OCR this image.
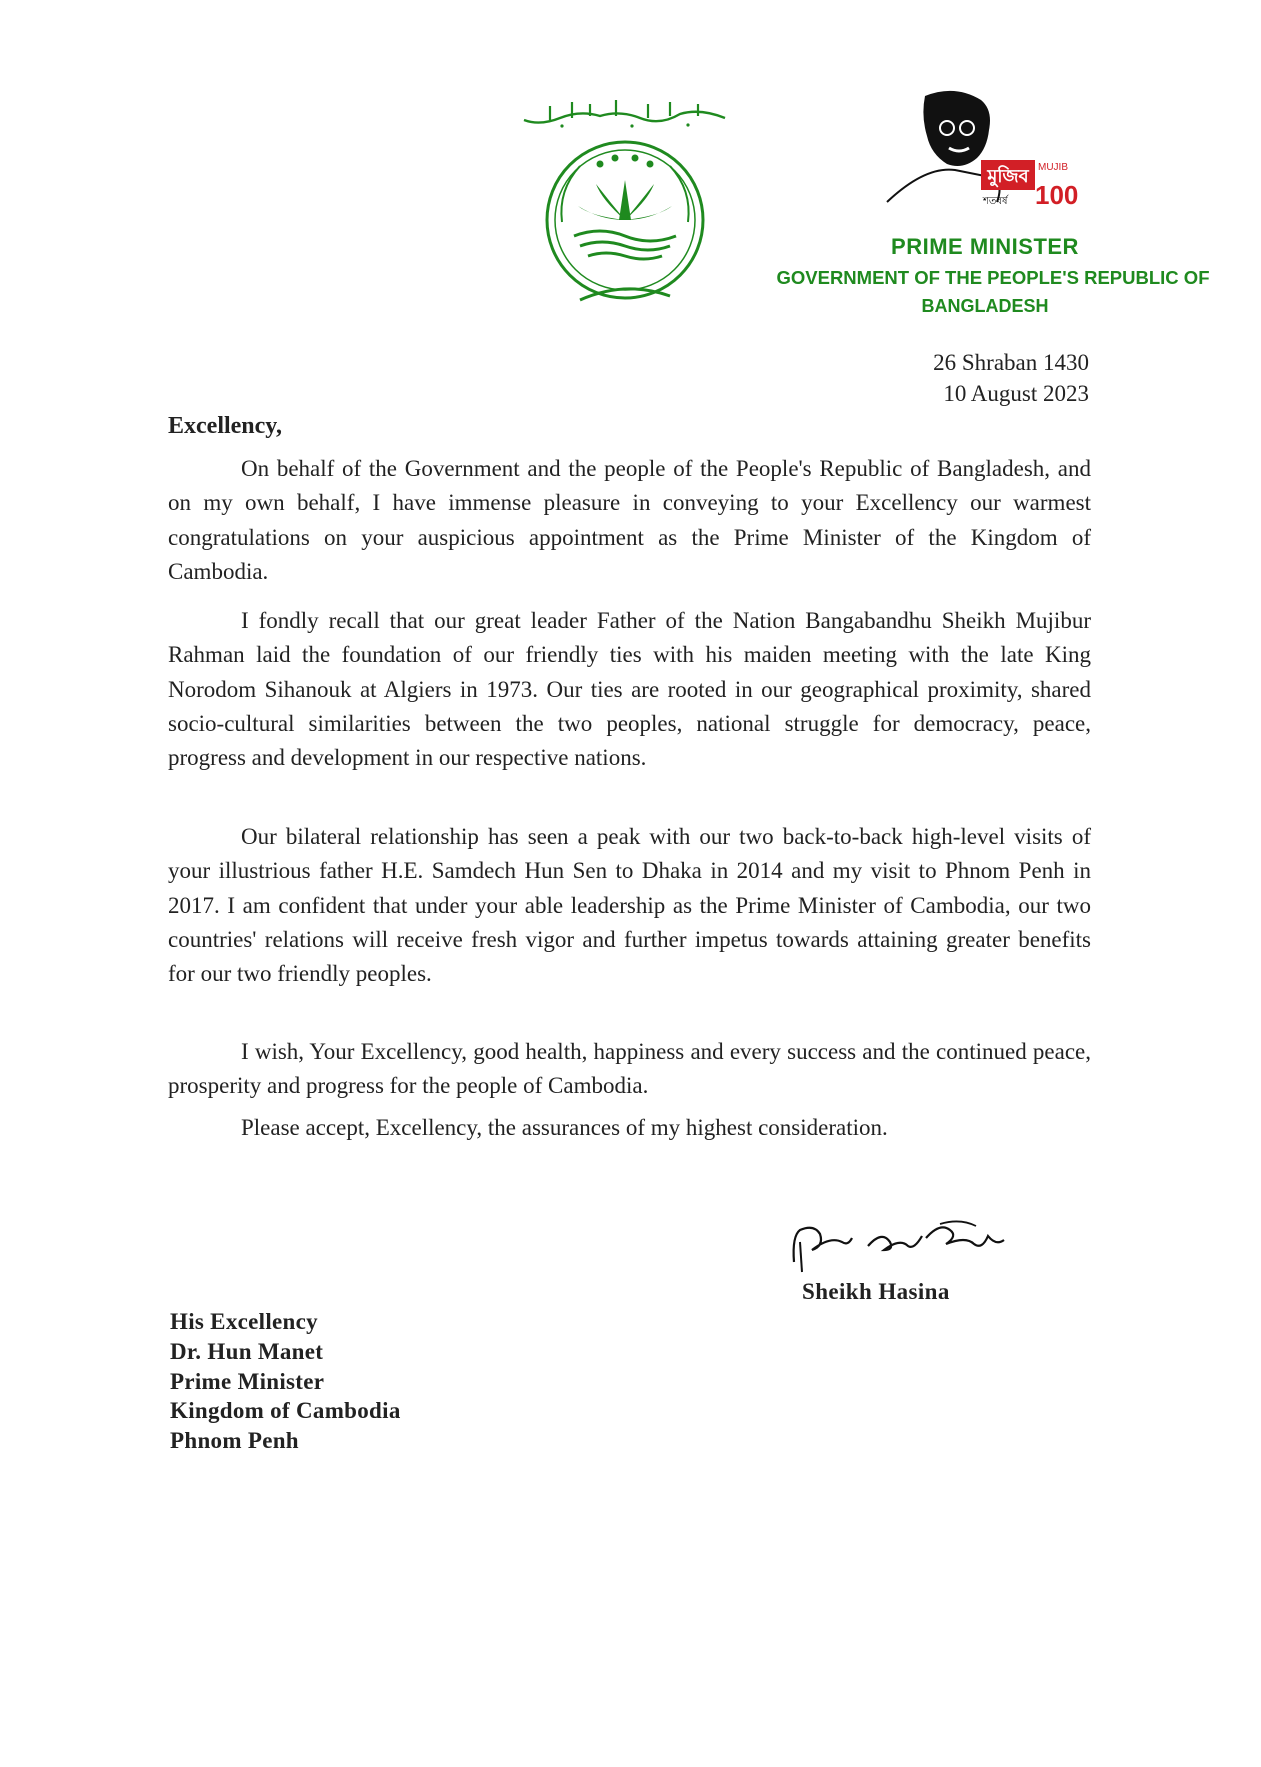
মুজিব MUJIB
শতবর্ষ 100
PRIME MINISTER
GOVERNMENT OF THE PEOPLE'S REPUBLIC OF
BANGLADESH
26 Shraban 1430
10 August 2023
Excellency,

On behalf of the Government and the people of the People's Republic of Bangladesh, and on my own behalf, I have immense pleasure in conveying to your Excellency our warmest congratulations on your auspicious appointment as the Prime Minister of the Kingdom of Cambodia.

I fondly recall that our great leader Father of the Nation Bangabandhu Sheikh Mujibur Rahman laid the foundation of our friendly ties with his maiden meeting with the late King Norodom Sihanouk at Algiers in 1973. Our ties are rooted in our geographical proximity, shared socio-cultural similarities between the two peoples, national struggle for democracy, peace, progress and development in our respective nations.

Our bilateral relationship has seen a peak with our two back-to-back high-level visits of your illustrious father H.E. Samdech Hun Sen to Dhaka in 2014 and my visit to Phnom Penh in 2017. I am confident that under your able leadership as the Prime Minister of Cambodia, our two countries' relations will receive fresh vigor and further impetus towards attaining greater benefits for our two friendly peoples.

I wish, Your Excellency, good health, happiness and every success and the continued peace, prosperity and progress for the people of Cambodia.

Please accept, Excellency, the assurances of my highest consideration.

Sheikh Hasina
His Excellency
Dr. Hun Manet
Prime Minister
Kingdom of Cambodia
Phnom Penh
